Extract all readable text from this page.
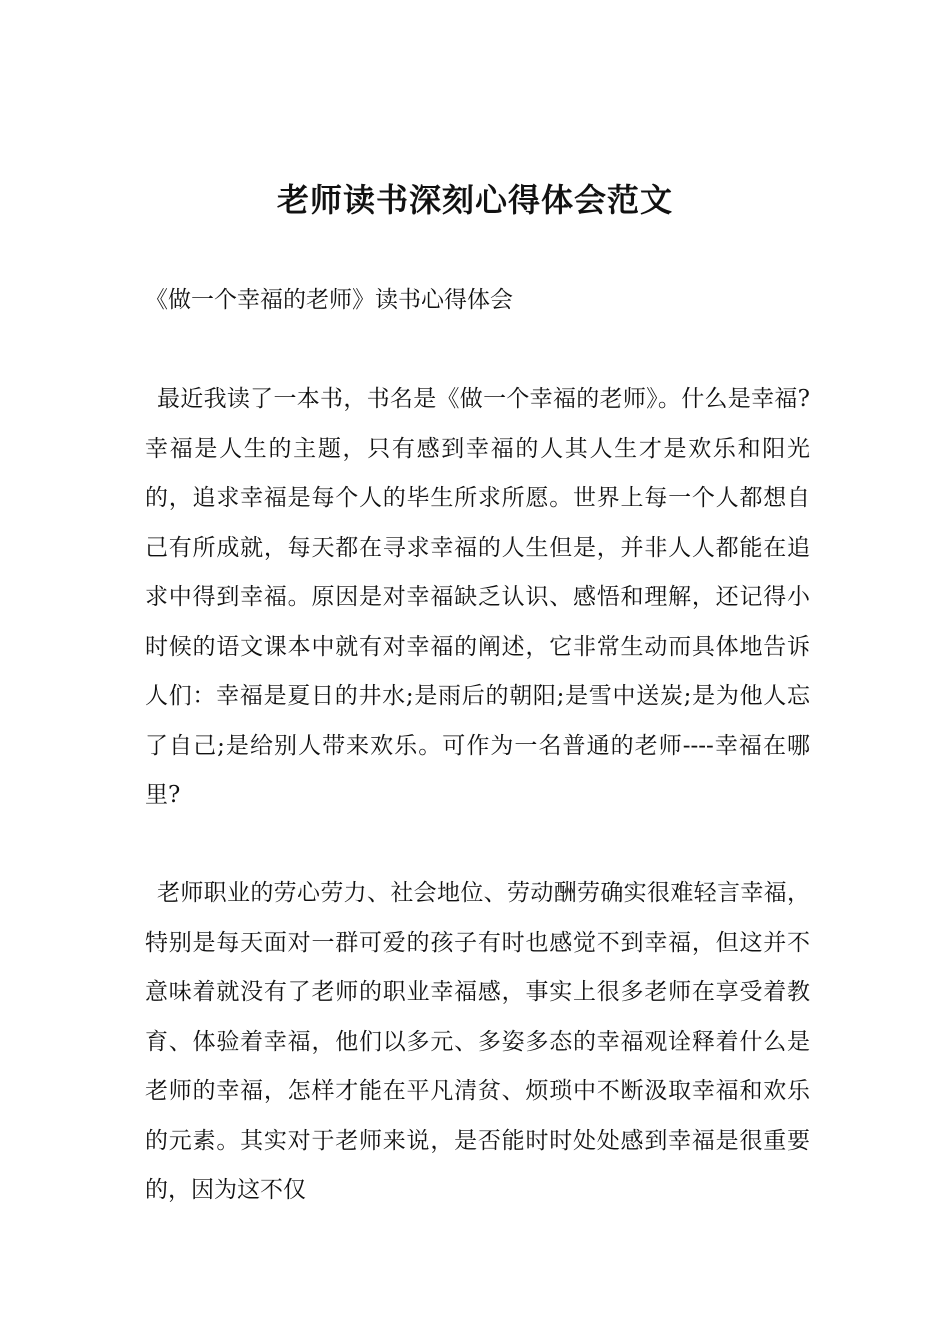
老师读书深刻心得体会范文

《做一个幸福的老师》读书心得体会

最近我读了一本书，书名是《做一个幸福的老师》。什么是幸福?幸福是人生的主题，只有感到幸福的人其人生才是欢乐和阳光的，追求幸福是每个人的毕生所求所愿。世界上每一个人都想自己有所成就，每天都在寻求幸福的人生但是，并非人人都能在追求中得到幸福。原因是对幸福缺乏认识、感悟和理解，还记得小时候的语文课本中就有对幸福的阐述，它非常生动而具体地告诉人们：幸福是夏日的井水;是雨后的朝阳;是雪中送炭;是为他人忘了自己;是给别人带来欢乐。可作为一名普通的老师----幸福在哪里?

老师职业的劳心劳力、社会地位、劳动酬劳确实很难轻言幸福，特别是每天面对一群可爱的孩子有时也感觉不到幸福，但这并不意味着就没有了老师的职业幸福感，事实上很多老师在享受着教育、体验着幸福，他们以多元、多姿多态的幸福观诠释着什么是老师的幸福，怎样才能在平凡清贫、烦琐中不断汲取幸福和欢乐的元素。其实对于老师来说，是否能时时处处感到幸福是很重要的，因为这不仅
